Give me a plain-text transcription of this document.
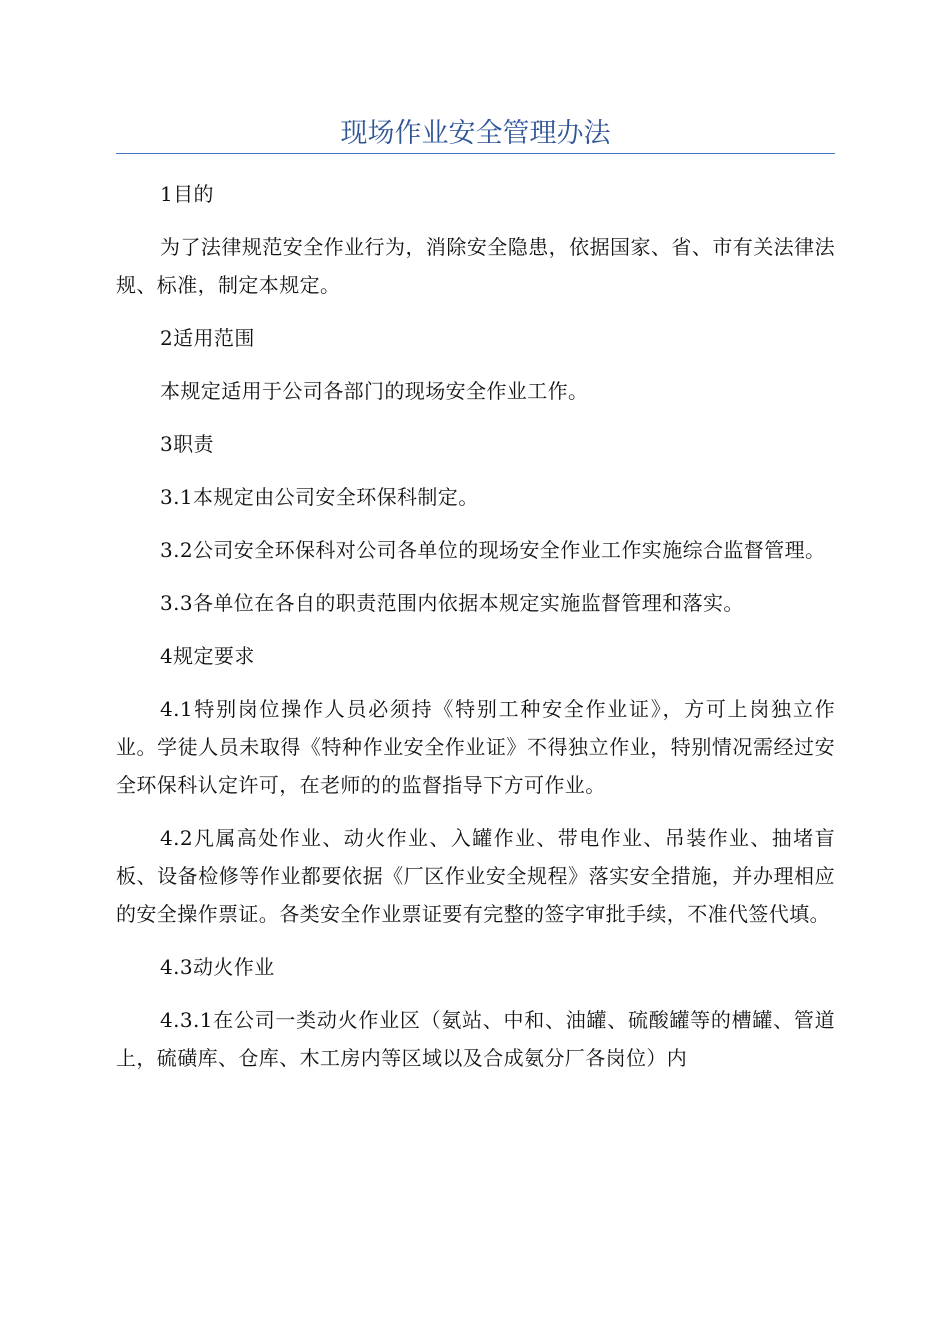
现场作业安全管理办法

1目的

为了法律规范安全作业行为，消除安全隐患，依据国家、省、市有关法律法规、标准，制定本规定。

2适用范围

本规定适用于公司各部门的现场安全作业工作。

3职责

3.1本规定由公司安全环保科制定。

3.2公司安全环保科对公司各单位的现场安全作业工作实施综合监督管理。

3.3各单位在各自的职责范围内依据本规定实施监督管理和落实。

4规定要求

4.1特别岗位操作人员必须持《特别工种安全作业证》，方可上岗独立作业。学徒人员未取得《特种作业安全作业证》不得独立作业，特别情况需经过安全环保科认定许可，在老师的的监督指导下方可作业。

4.2凡属高处作业、动火作业、入罐作业、带电作业、吊装作业、抽堵盲板、设备检修等作业都要依据《厂区作业安全规程》落实安全措施，并办理相应的安全操作票证。各类安全作业票证要有完整的签字审批手续，不准代签代填。

4.3动火作业

4.3.1在公司一类动火作业区（氨站、中和、油罐、硫酸罐等的槽罐、管道上，硫磺库、仓库、木工房内等区域以及合成氨分厂各岗位）内
